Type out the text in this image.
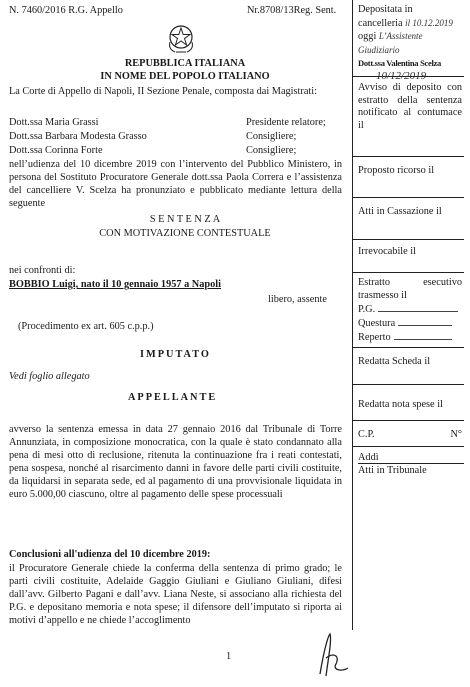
N. 7460/2016 R.G. Appello	Nr.8708/13Reg. Sent.
REPUBBLICA ITALIANA
IN NOME DEL POPOLO ITALIANO
La Corte di Appello di Napoli, II Sezione Penale, composta dai Magistrati:
Dott.ssa Maria Grassi	Presidente relatore;
Dott.ssa Barbara Modesta Grasso	Consigliere;
Dott.ssa Corinna Forte	Consigliere;
nell’udienza del 10 dicembre 2019 con l’intervento del Pubblico Ministero, in persona del Sostituto Procuratore Generale dott.ssa Paola Correra e l’assistenza del cancelliere V. Scelza ha pronunziato e pubblicato mediante lettura della seguente
S E N T E N Z A
CON MOTIVAZIONE CONTESTUALE
nei confronti di:
BOBBIO Luigi, nato il 10 gennaio 1957 a Napoli
libero, assente
(Procedimento ex art. 605 c.p.p.)
IMPUTATO
Vedi foglio allegato
APPELLANTE
avverso la sentenza emessa in data 27 gennaio 2016 dal Tribunale di Torre Annunziata, in composizione monocratica, con la quale è stato condannato alla pena di mesi otto di reclusione, ritenuta la continuazione fra i reati contestati, pena sospesa, nonché al risarcimento danni in favore delle parti civili costituite, da liquidarsi in separata sede, ed al pagamento di una provvisionale liquidata in euro 5.000,00 ciascuno, oltre al pagamento delle spese processuali
Conclusioni all'udienza del 10 dicembre 2019:
il Procuratore Generale chiede la conferma della sentenza di primo grado; le parti civili costituite, Adelaide Gaggio Giuliani e Giuliano Giuliani, difesi dall’avv. Gilberto Pagani e dall’avv. Liana Neste, si associano alla richiesta del P.G. e depositano memoria e nota spese; il difensore dell’imputato si riporta ai motivi d’appello e ne chiede l’accoglimento
1
Depositata in
cancelleria il 10.12.2019
oggi L’Assistente Giudiziario
Dott.ssa Valentina Scelza
10/12/2019
Avviso di deposito con estratto della sentenza notificato al contumace il
Proposto ricorso il
Atti in Cassazione il
Irrevocabile il
Estratto esecutivo trasmesso il
P.G.
Questura
Reperto
Redatta Scheda il
Redatta nota spese il
C.P.	N°
Addì
Atti in Tribunale
